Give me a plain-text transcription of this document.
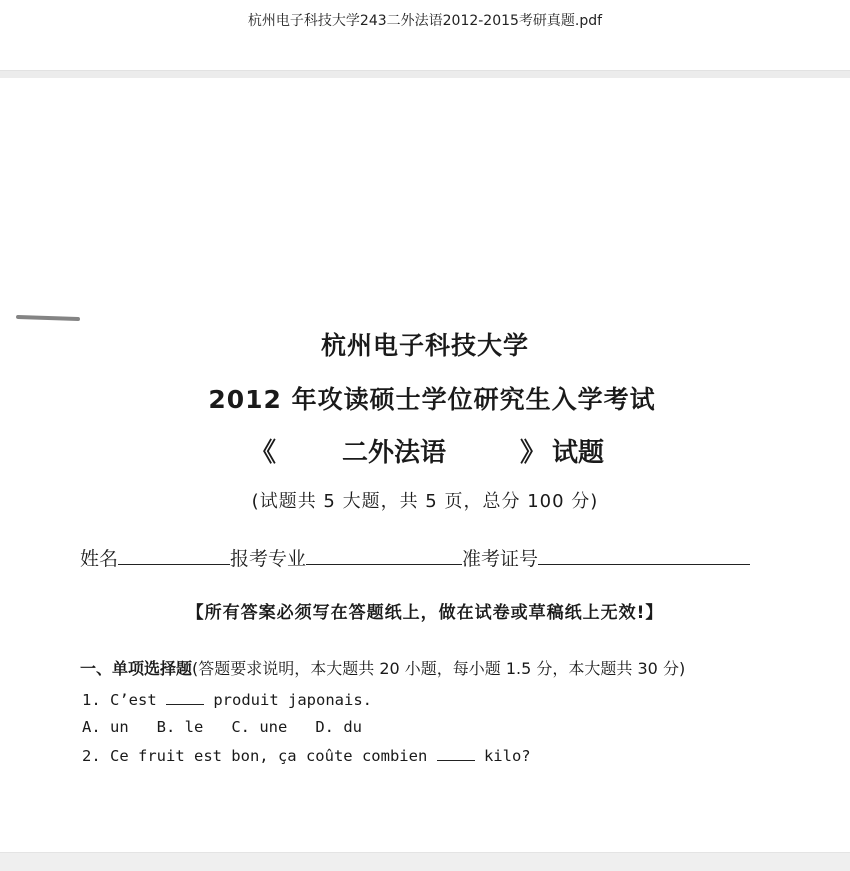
杭州电子科技大学243二外法语2012-2015考研真题.pdf
杭州电子科技大学
2012 年攻读硕士学位研究生入学考试
《	二外法语	》 试题
(试题共 5 大题，共 5 页，总分 100 分)
姓名	报考专业	准考证号
【所有答案必须写在答题纸上，做在试卷或草稿纸上无效!】
一、单项选择题(答题要求说明，本大题共 20 小题，每小题 1.5 分，本大题共 30 分)
1. C’est	produit japonais.
A. un B. le C. une D. du
2. Ce fruit est bon, ça coûte combien	kilo?
